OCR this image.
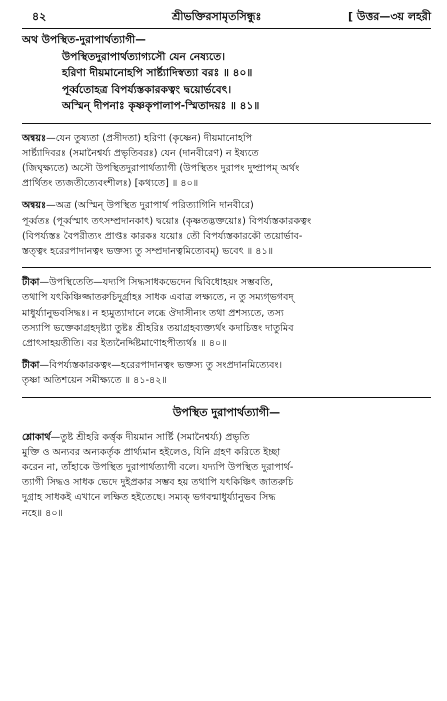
৪২	শ্রীভক্তিরসামৃতসিন্ধুঃ	[ উত্তর—৩য় লহরী
অথ উপস্থিত-দুরাপার্থত্যাগী—
উপস্থিতদুরাপার্থত্যাগ্যসৌ যেন নেষ্যতে।
হরিণা দীয়মানোহপি সার্ষ্ট্যাদিস্বত্যা বরঃ ॥ ৪০॥
পূর্ব্বতোহত্র বিপর্য্যস্তকারকত্বং দ্বয়োর্ভবেৎ।
অস্মিন্ দীপনাঃ কৃষ্ণকৃপালাপ-স্মিতাদয়ঃ ॥ ৪১॥
অন্বয়ঃ—যেন তুষ্যতা (প্রসীদতা) হরিণা (কৃষ্ণেন) দীয়মানোহপি
সার্ষ্ট্যাদিবরঃ (সমানৈশ্বর্য্য প্রভৃতিবরঃ) যেন (দানবীরেণ) ন ইষ্যতে
(জিঘৃক্ষ্যতে) অসৌ উপস্থিতদুরাপার্থত্যাগী (উপস্থিতং দুরাপং দুষ্প্রাপম্ অর্থং
প্রার্থিতং ত্যজতীত্যেবংশীলঃ) [কথ্যতে] ॥ ৪০॥
অন্বয়ঃ—অত্র (অস্মিন্ উপস্থিত দুরাপার্থ পরিত্যাগিনি দানবীরে)
পূর্ব্বতঃ (পূর্ব্বস্মাৎ তৎসম্প্রদানকাৎ) দ্বয়োঃ (কৃষ্ণতদ্ভক্তয়োঃ) বিপর্য্যস্তকারকত্বং
(বিপর্য্যস্তঃ বৈপরীত্যং প্রাপ্তঃ কারকঃ যয়োঃ তৌ বিপর্য্যস্তকারকৌ তয়োর্ভাব-
স্তত্ত্বং হরেরপাদানত্বং ভক্তস্য তু সম্প্রদানত্বমিত্যেবম্) ভবেৎ ॥ ৪১॥
টীকা—উপস্থিতেতি—যদ্যপি সিদ্ধসাধকভেদেন দ্বিবিধোহয়ং সম্ভবতি,
তথাপি যৎকিঞ্চিজ্জাতরুচিদু্র্গ্রাহঃ সাধক এবাত্র লক্ষ্যতে, ন তু সম্যগ্ভগবদ্
মাধুর্য্যানুভবসিদ্ধঃ। ন হ্যমুত্যাদানে লব্ধে ঔদাসীন্যং তথা প্রশস্যতে, তস্য
তস্যাপি ভক্তেকাগ্রহদৃষ্ট্যা তুষ্টঃ শ্রীহরিঃ তয়াগ্রহব্যক্ত্যর্থং কদাচিত্তং দাতুমিব
প্রোৎসাহয়তীতি। বর ইত্যনৈর্দ্দিষ্টমাণোহপীত্যর্থঃ ॥ ৪০॥
টীকা—বিপর্য্যস্তকারকত্বং—হরেরপাদানত্বং ভক্তস্য তু সংপ্রদানমিত্যেবং।
তৃষ্ণা অতিশয়েন সমীক্ষ্যতে ॥ ৪১-৪২॥
উপস্থিত দুরাপার্থত্যাগী—
শ্লোকার্থ—তুষ্ট শ্রীহরি কর্ত্তৃক দীয়মান সার্ষ্টি (সমানৈশ্বর্য্য) প্রভৃতি
মুক্তি ও অন্যবর অন্যকর্তৃক প্রার্থ্যমান হইলেও, যিনি গ্রহণ করিতে ইচ্ছা
করেন না, তাঁহাকে উপস্থিত দুরাপার্থত্যাগী বলে। যদ্যপি উপস্থিত দুরাপার্থ-
ত্যাগী সিদ্ধও সাধক ভেদে দুইপ্রকার সম্ভব হয় তথাপি যৎকিঞ্চিৎ জাতরুচি
দুগ্রাহ সাধকই এখানে লক্ষিত হইতেছে। সম্যক্ ভগবন্মাধুর্য্যানুভব সিদ্ধ
নহে॥ ৪০॥
